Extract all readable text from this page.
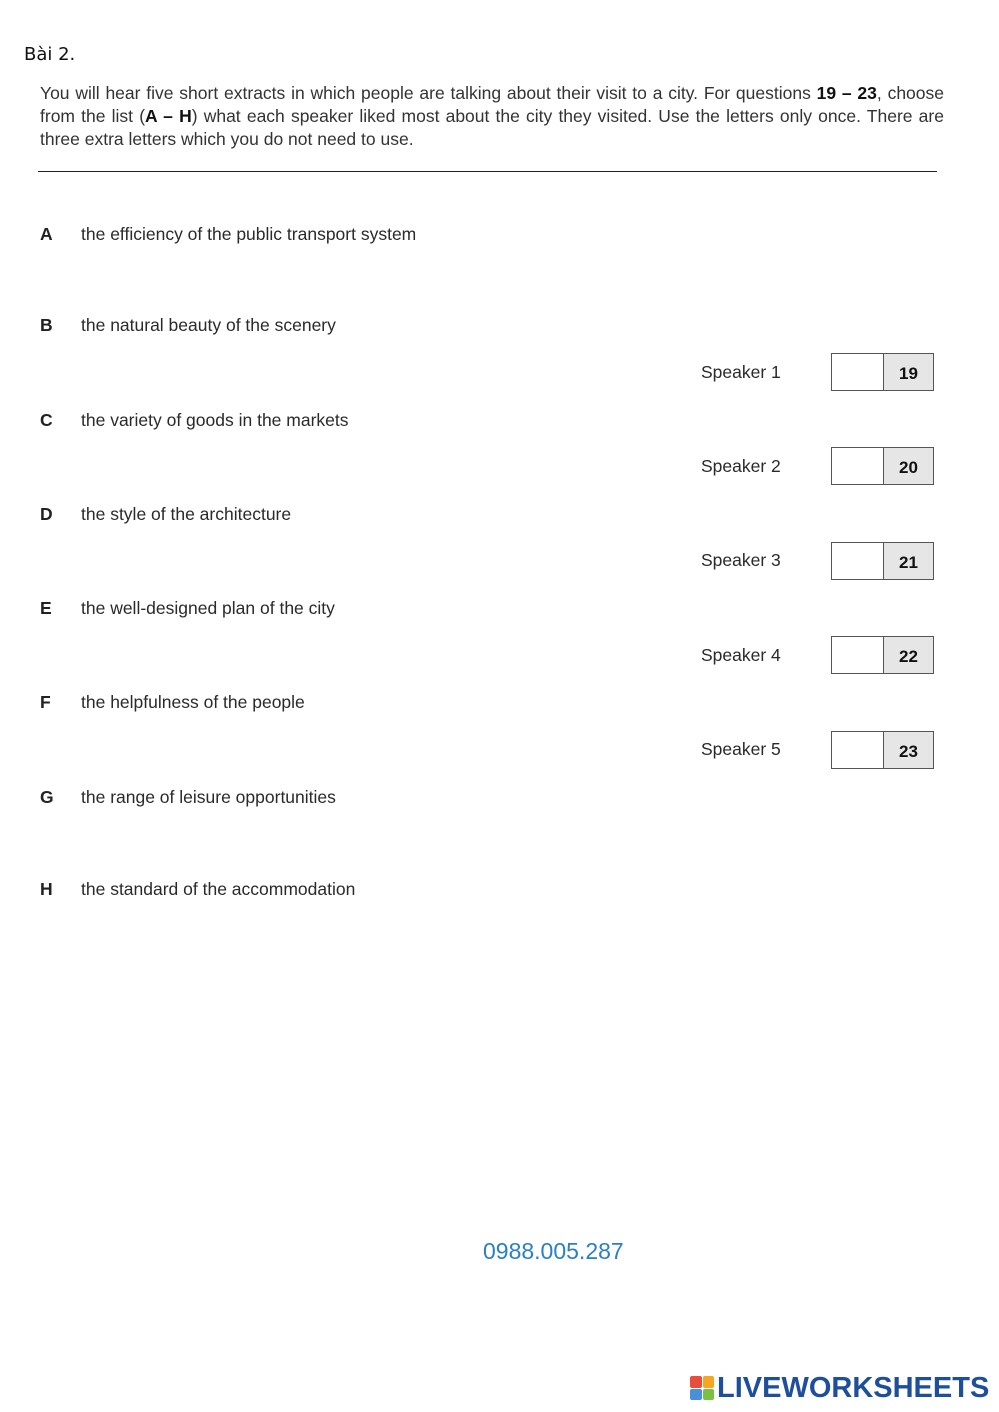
Bài 2.
You will hear five short extracts in which people are talking about their visit to a city. For questions 19 – 23, choose from the list (A – H) what each speaker liked most about the city they visited. Use the letters only once. There are three extra letters which you do not need to use.
A the efficiency of the public transport system
B the natural beauty of the scenery
C the variety of goods in the markets
D the style of the architecture
E the well-designed plan of the city
F the helpfulness of the people
G the range of leisure opportunities
H the standard of the accommodation
Speaker 1	19
Speaker 2	20
Speaker 3	21
Speaker 4	22
Speaker 5	23
0988.005.287
LIVEWORKSHEETS
